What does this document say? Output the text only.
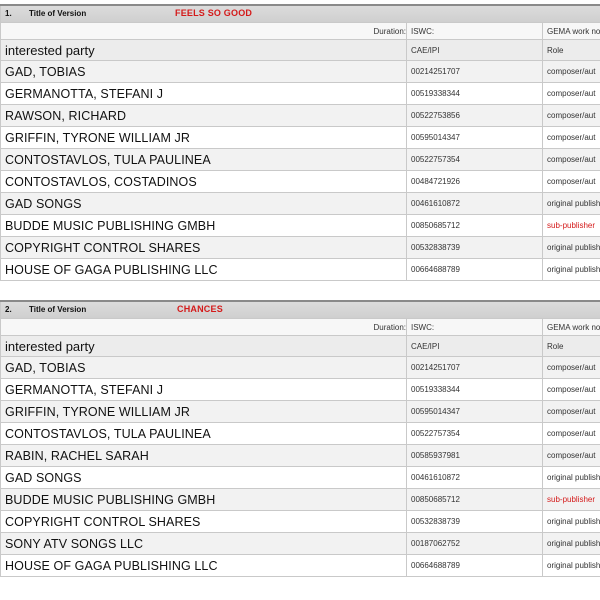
1. Title of Version FEELS SO GOOD		

Duration:	ISWC:	GEMA work no
interested party	CAE/IPI	Role
GAD, TOBIAS	00214251707	composer/aut
GERMANOTTA, STEFANI J	00519338344	composer/aut
RAWSON, RICHARD	00522753856	composer/aut
GRIFFIN, TYRONE WILLIAM JR	00595014347	composer/aut
CONTOSTAVLOS, TULA PAULINEA	00522757354	composer/aut
CONTOSTAVLOS, COSTADINOS	00484721926	composer/aut
GAD SONGS	00461610872	original publish
BUDDE MUSIC PUBLISHING GMBH	00850685712	sub-publisher
COPYRIGHT CONTROL SHARES	00532838739	original publish
HOUSE OF GAGA PUBLISHING LLC	00664688789	original publish
2. Title of Version CHANCES		

Duration:	ISWC:	GEMA work no
interested party	CAE/IPI	Role
GAD, TOBIAS	00214251707	composer/aut
GERMANOTTA, STEFANI J	00519338344	composer/aut
GRIFFIN, TYRONE WILLIAM JR	00595014347	composer/aut
CONTOSTAVLOS, TULA PAULINEA	00522757354	composer/aut
RABIN, RACHEL SARAH	00585937981	composer/aut
GAD SONGS	00461610872	original publish
BUDDE MUSIC PUBLISHING GMBH	00850685712	sub-publisher
COPYRIGHT CONTROL SHARES	00532838739	original publish
SONY ATV SONGS LLC	00187062752	original publish
HOUSE OF GAGA PUBLISHING LLC	00664688789	original publish
